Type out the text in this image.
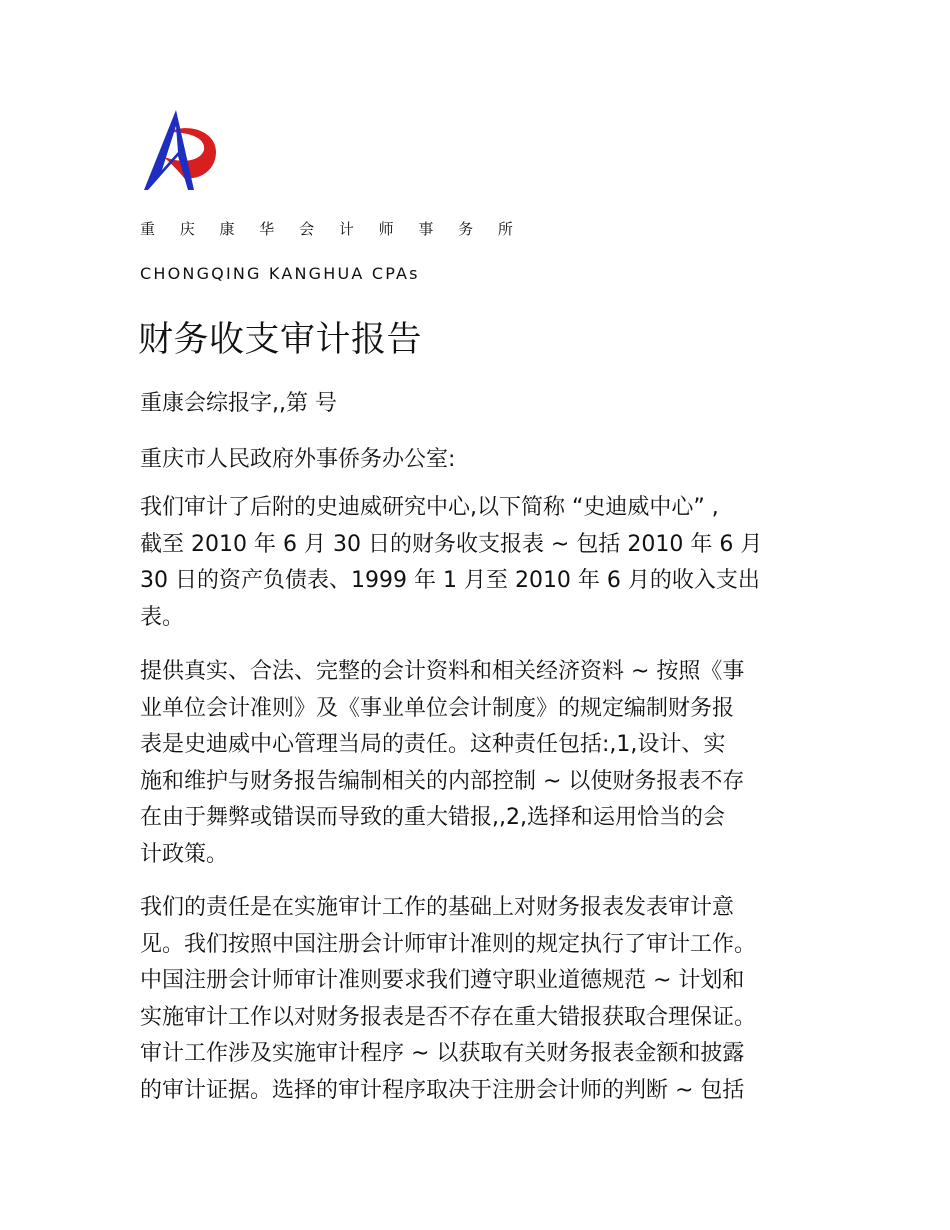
重 庆 康 华 会 计 师 事 务 所
CHONGQING KANGHUA CPAs
财务收支审计报告
重康会综报字,,第 号
重庆市人民政府外事侨务办公室:
我们审计了后附的史迪威研究中心,以下简称 “史迪威中心” ,
截至 2010 年 6 月 30 日的财务收支报表 ~ 包括 2010 年 6 月
30 日的资产负债表、1999 年 1 月至 2010 年 6 月的收入支出
表。
提供真实、合法、完整的会计资料和相关经济资料 ~ 按照《事
业单位会计准则》及《事业单位会计制度》的规定编制财务报
表是史迪威中心管理当局的责任。这种责任包括:,1,设计、实
施和维护与财务报告编制相关的内部控制 ~ 以使财务报表不存
在由于舞弊或错误而导致的重大错报,,2,选择和运用恰当的会
计政策。
我们的责任是在实施审计工作的基础上对财务报表发表审计意
见。我们按照中国注册会计师审计准则的规定执行了审计工作。
中国注册会计师审计准则要求我们遵守职业道德规范 ~ 计划和
实施审计工作以对财务报表是否不存在重大错报获取合理保证。
审计工作涉及实施审计程序 ~ 以获取有关财务报表金额和披露
的审计证据。选择的审计程序取决于注册会计师的判断 ~ 包括
